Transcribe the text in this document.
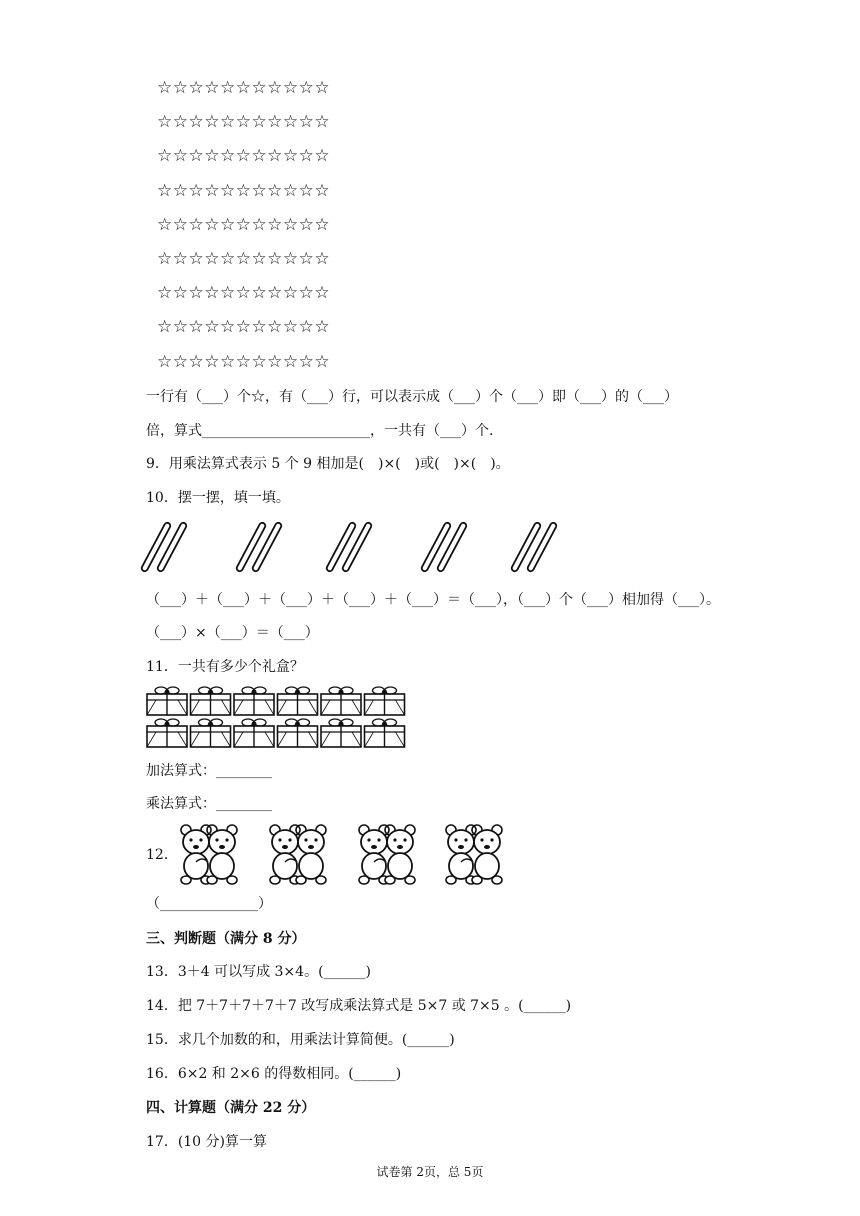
☆☆☆☆☆☆☆☆☆☆☆
☆☆☆☆☆☆☆☆☆☆☆
☆☆☆☆☆☆☆☆☆☆☆
☆☆☆☆☆☆☆☆☆☆☆
☆☆☆☆☆☆☆☆☆☆☆
☆☆☆☆☆☆☆☆☆☆☆
☆☆☆☆☆☆☆☆☆☆☆
☆☆☆☆☆☆☆☆☆☆☆
☆☆☆☆☆☆☆☆☆☆☆
一行有（___）个☆，有（___）行，可以表示成（___）个（___）即（___）的（___）
倍，算式________________________，一共有（___）个.
9．用乘法算式表示 5 个 9 相加是(　)×(　)或(　)×(　)。
10．摆一摆，填一填。
（___）＋（___）＋（___）＋（___）＋（___）＝（___），（___）个（___）相加得（___）。
（___）×（___）＝（___）
11．一共有多少个礼盒？
加法算式：________
乘法算式：________
12．
（______________）
三、判断题（满分 8 分）
13．3＋4 可以写成 3×4。(______)
14．把 7＋7＋7＋7＋7 改写成乘法算式是 5×7 或 7×5 。(______)
15．求几个加数的和，用乘法计算简便。(______)
16．6×2 和 2×6 的得数相同。(______)
四、计算题（满分 22 分）
17．(10 分)算一算
试卷第 2页，总 5页
